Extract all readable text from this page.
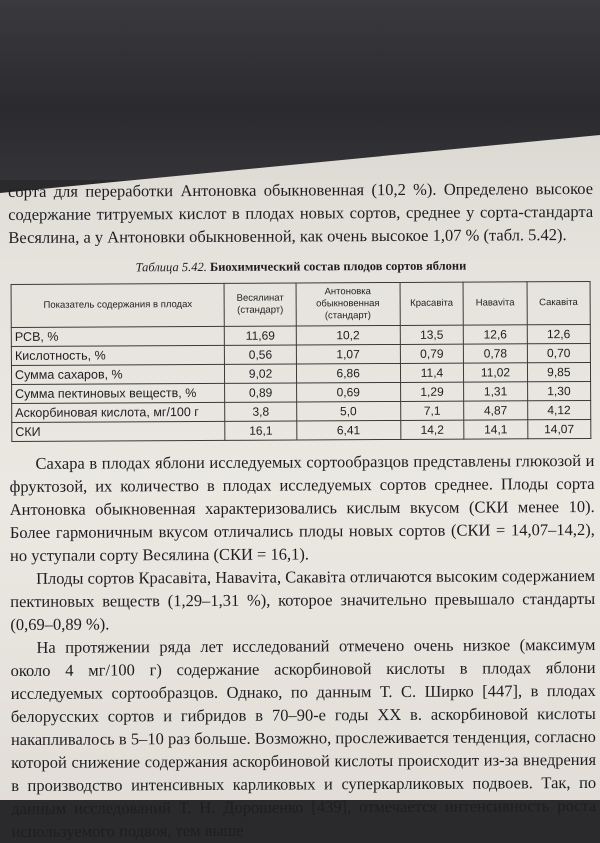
сорта для переработки Антоновка обыкновенная (10,2 %). Определено высокое содержание титруемых кислот в плодах новых сортов, среднее у сорта-стандарта Весялина, а у Антоновки обыкновенной, как очень высокое 1,07 % (табл. 5.42).

Таблица 5.42. Биохимический состав плодов сортов яблони
Показатель содержания в плодах	Весялинат (стандарт)	Антоновка обыкновенная (стандарт)	Красавіта	Наваvіта	Сакавіта
РСВ, %	11,69	10,2	13,5	12,6	12,6
Кислотность, %	0,56	1,07	0,79	0,78	0,70
Сумма сахаров, %	9,02	6,86	11,4	11,02	9,85
Сумма пектиновых веществ, %	0,89	0,69	1,29	1,31	1,30
Аскорбиновая кислота, мг/100 г	3,8	5,0	7,1	4,87	4,12
СКИ	16,1	6,41	14,2	14,1	14,07

Сахара в плодах яблони исследуемых сортообразцов представлены глюкозой и фруктозой, их количество в плодах исследуемых сортов среднее. Плоды сорта Антоновка обыкновенная характеризовались кислым вкусом (СКИ менее 10). Более гармоничным вкусом отличались плоды новых сортов (СКИ = 14,07–14,2), но уступали сорту Весялина (СКИ = 16,1).

Плоды сортов Красавіта, Наваvіта, Сакавіта отличаются высоким содержанием пектиновых веществ (1,29–1,31 %), которое значительно превышало стандарты (0,69–0,89 %).

На протяжении ряда лет исследований отмечено очень низкое (максимум около 4 мг/100 г) содержание аскорбиновой кислоты в плодах яблони исследуемых сортообразцов. Однако, по данным Т. С. Ширко [447], в плодах белорусских сортов и гибридов в 70–90-е годы XX в. аскорбиновой кислоты накапливалось в 5–10 раз больше. Возможно, прослеживается тенденция, согласно которой снижение содержания аскорбиновой кислоты происходит из-за внедрения в производство интенсивных карликовых и суперкарликовых подвоев. Так, по данным исследований Т. Н. Дорошенко [439], отмечается интенсивность роста используемого подвоя, тем выше
